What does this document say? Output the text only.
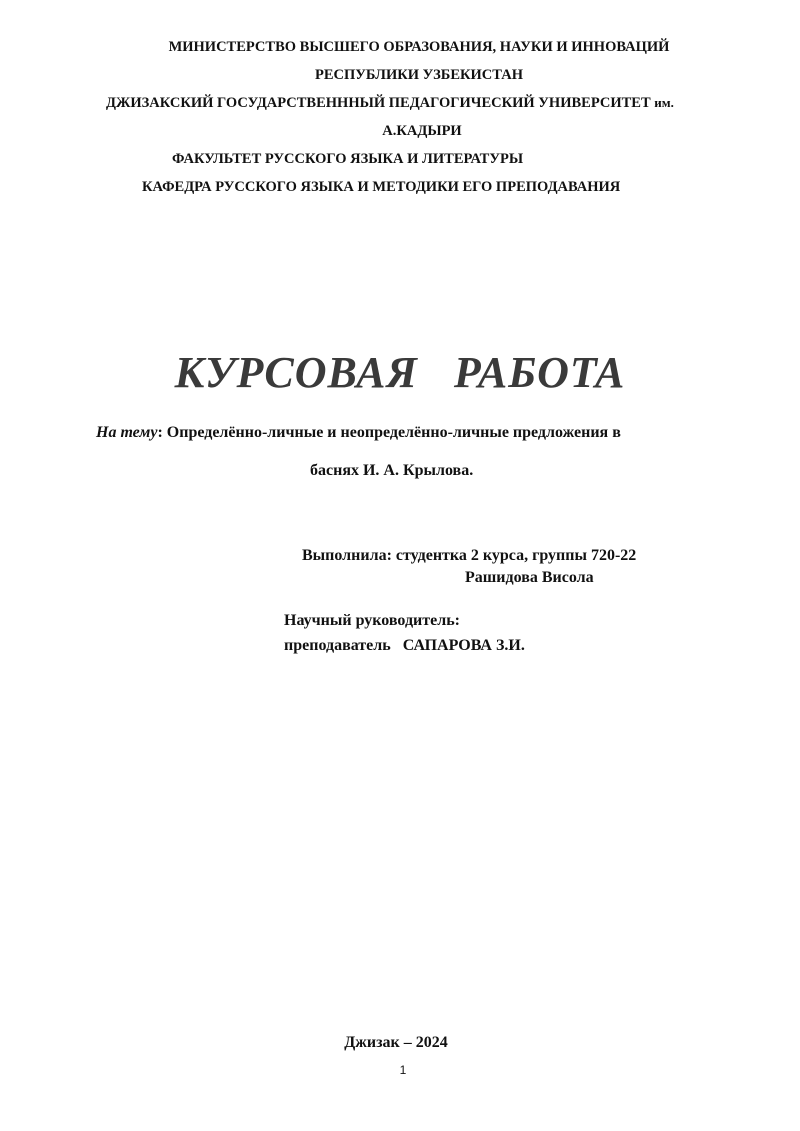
МИНИСТЕРСТВО ВЫСШЕГО ОБРАЗОВАНИЯ, НАУКИ И ИННОВАЦИЙ
РЕСПУБЛИКИ УЗБЕКИСТАН
ДЖИЗАКСКИЙ ГОСУДАРСТВЕНННЫЙ ПЕДАГОГИЧЕСКИЙ УНИВЕРСИТЕТ им.
А.КАДЫРИ
ФАКУЛЬТЕТ РУССКОГО ЯЗЫКА И ЛИТЕРАТУРЫ
КАФЕДРА РУССКОГО ЯЗЫКА И МЕТОДИКИ ЕГО ПРЕПОДАВАНИЯ
КУРСОВАЯ   РАБОТА
На тему: Определённо-личные и неопределённо-личные предложения в
баснях И. А. Крылова.
Выполнила: студентка 2 курса, группы 720-22
Рашидова Висола
Научный руководитель:
преподаватель   САПАРОВА З.И.
Джизак – 2024
1
